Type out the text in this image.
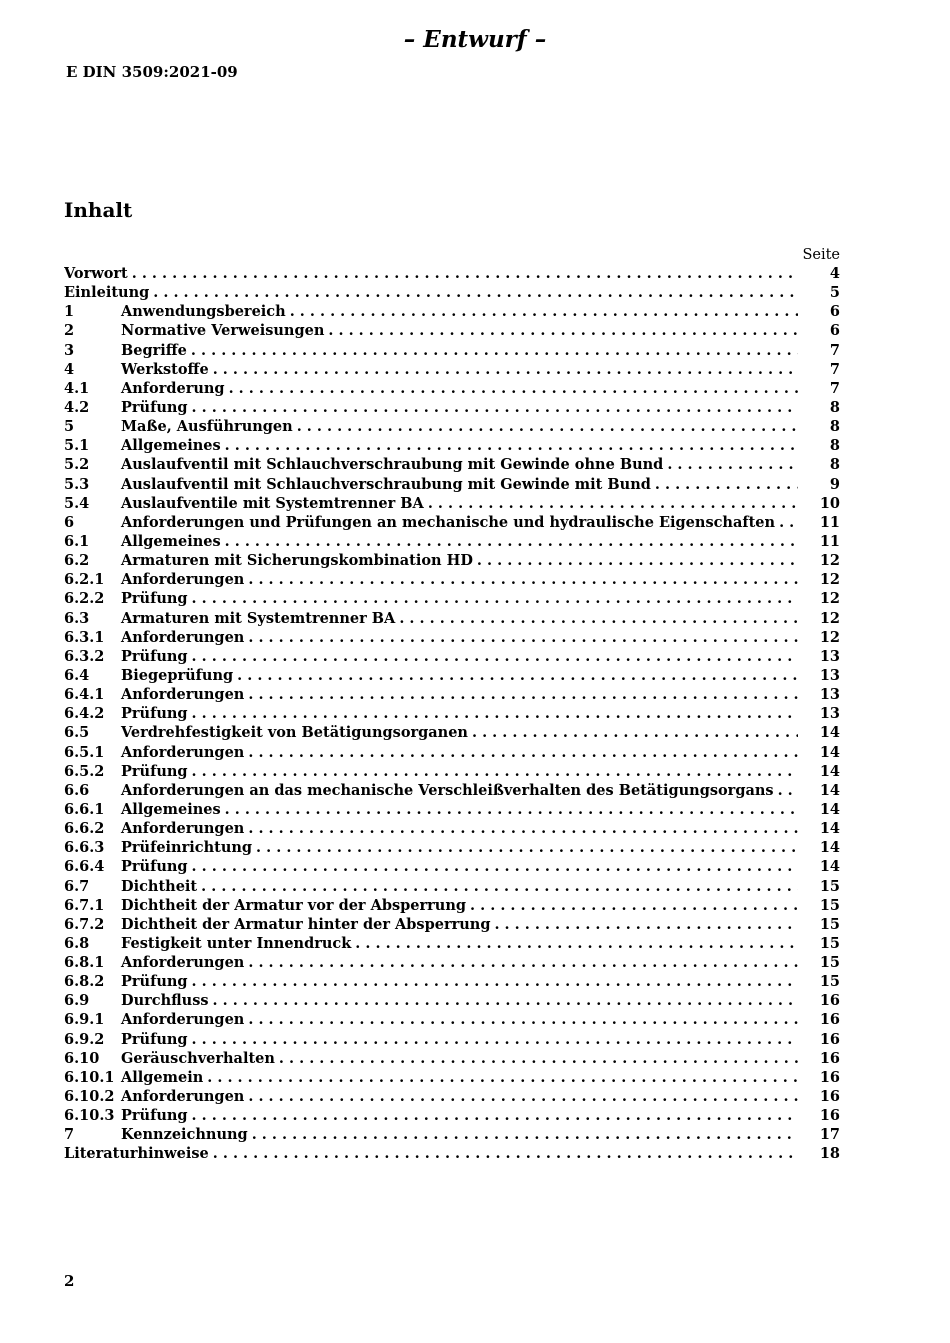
– Entwurf –
E DIN 3509:2021-09
Inhalt
Seite
Vorwort . . .	4
Einleitung . . .	5
1	Anwendungsbereich . . .	6
2	Normative Verweisungen . . .	6
3	Begriffe . . .	7
4	Werkstoffe . . .	7
4.1	Anforderung . . .	7
4.2	Prüfung . . .	8
5	Maße, Ausführungen . . .	8
5.1	Allgemeines . . .	8
5.2	Auslaufventil mit Schlauchverschraubung mit Gewinde ohne Bund . . .	8
5.3	Auslaufventil mit Schlauchverschraubung mit Gewinde mit Bund . . .	9
5.4	Auslaufventile mit Systemtrenner BA . . .	10
6	Anforderungen und Prüfungen an mechanische und hydraulische Eigenschaften . . .	11
6.1	Allgemeines . . .	11
6.2	Armaturen mit Sicherungskombination HD . . .	12
6.2.1	Anforderungen . . .	12
6.2.2	Prüfung . . .	12
6.3	Armaturen mit Systemtrenner BA . . .	12
6.3.1	Anforderungen . . .	12
6.3.2	Prüfung . . .	13
6.4	Biegeprüfung . . .	13
6.4.1	Anforderungen . . .	13
6.4.2	Prüfung . . .	13
6.5	Verdrehfestigkeit von Betätigungsorganen . . .	14
6.5.1	Anforderungen . . .	14
6.5.2	Prüfung . . .	14
6.6	Anforderungen an das mechanische Verschleißverhalten des Betätigungsorgans . . .	14
6.6.1	Allgemeines . . .	14
6.6.2	Anforderungen . . .	14
6.6.3	Prüfeinrichtung . . .	14
6.6.4	Prüfung . . .	14
6.7	Dichtheit . . .	15
6.7.1	Dichtheit der Armatur vor der Absperrung . . .	15
6.7.2	Dichtheit der Armatur hinter der Absperrung . . .	15
6.8	Festigkeit unter Innendruck . . .	15
6.8.1	Anforderungen . . .	15
6.8.2	Prüfung . . .	15
6.9	Durchfluss . . .	16
6.9.1	Anforderungen . . .	16
6.9.2	Prüfung . . .	16
6.10	Geräuschverhalten . . .	16
6.10.1 Allgemein . . .	16
6.10.2 Anforderungen . . .	16
6.10.3 Prüfung . . .	16
7	Kennzeichnung . . .	17
Literaturhinweise . . .	18
2
